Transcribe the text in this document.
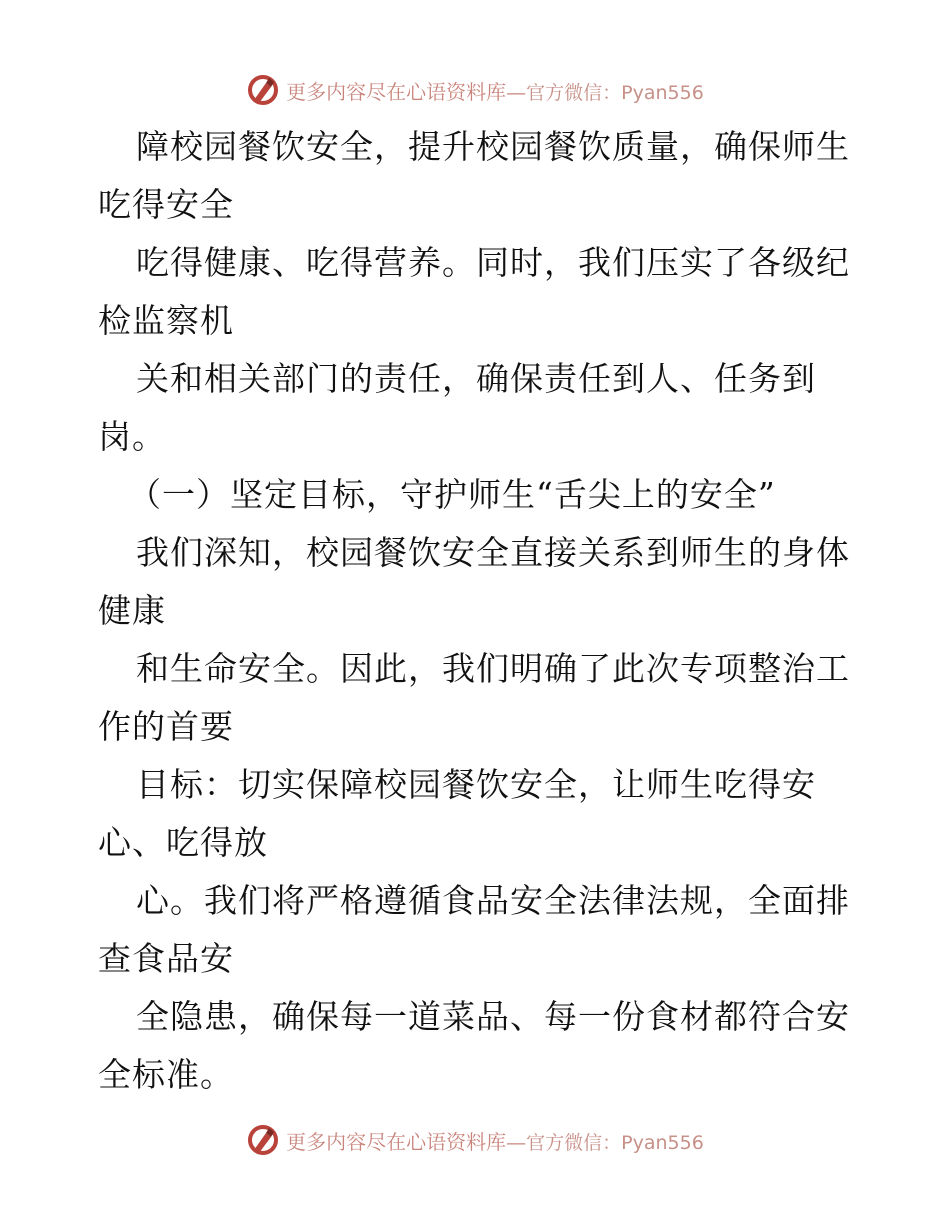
更多内容尽在心语资料库—官方微信：Pyan556
障校园餐饮安全，提升校园餐饮质量，确保师生
吃得安全
吃得健康、吃得营养。同时，我们压实了各级纪
检监察机
关和相关部门的责任，确保责任到人、任务到
岗。
（一）坚定目标，守护师生“舌尖上的安全”
我们深知，校园餐饮安全直接关系到师生的身体
健康
和生命安全。因此，我们明确了此次专项整治工
作的首要
目标：切实保障校园餐饮安全，让师生吃得安
心、吃得放
心。我们将严格遵循食品安全法律法规，全面排
查食品安
全隐患，确保每一道菜品、每一份食材都符合安
全标准。
更多内容尽在心语资料库—官方微信：Pyan556
